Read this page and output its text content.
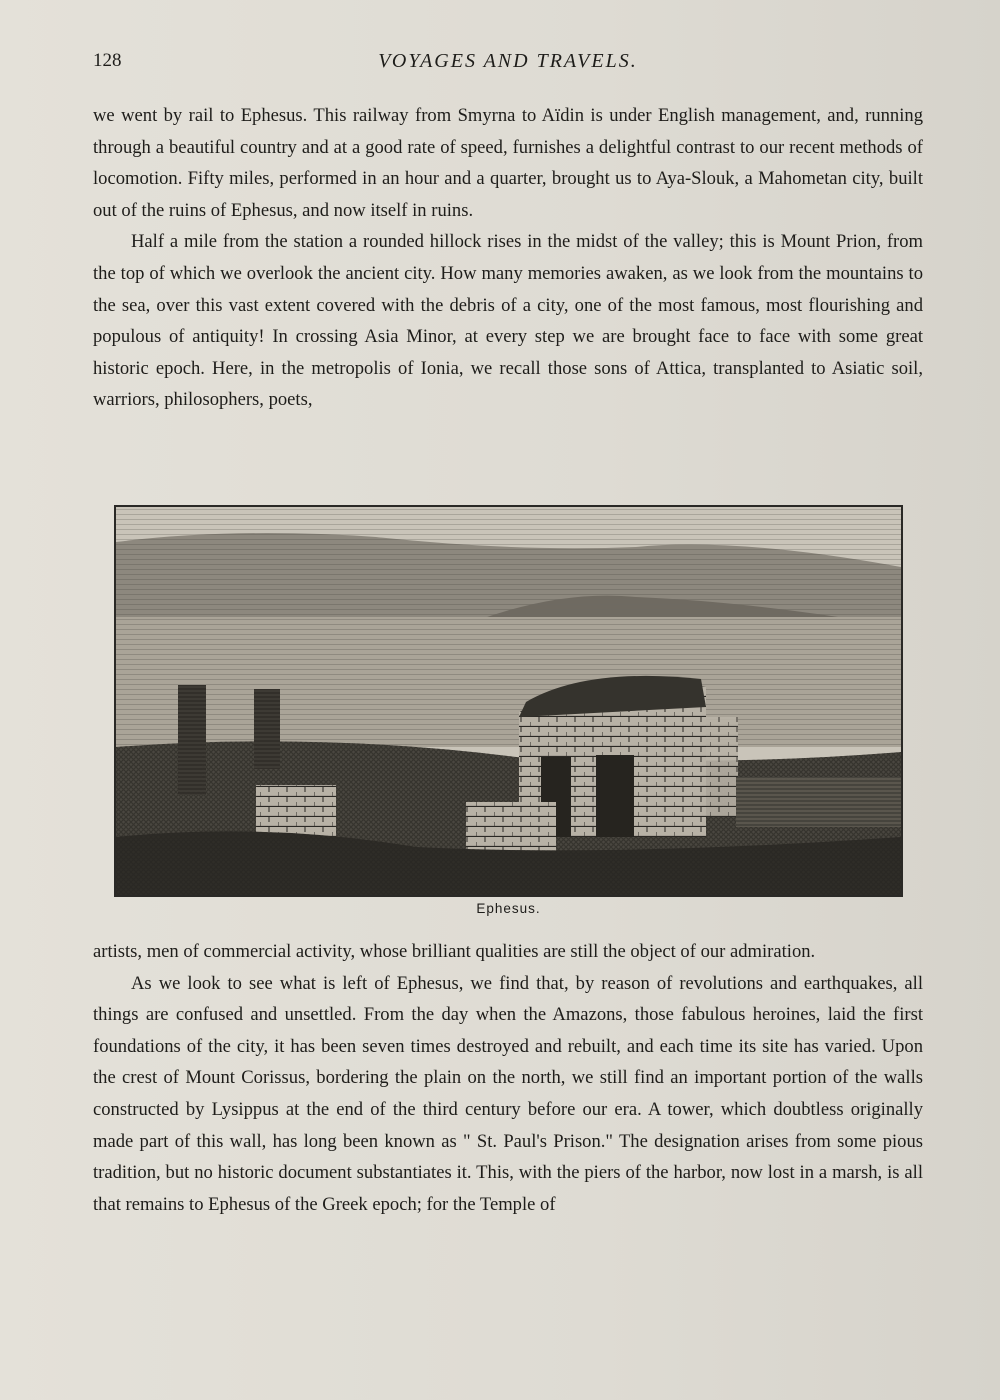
128	VOYAGES AND TRAVELS.

we went by rail to Ephesus. This railway from Smyrna to Aïdin is under English management, and, running through a beautiful country and at a good rate of speed, furnishes a delightful contrast to our recent methods of locomotion. Fifty miles, performed in an hour and a quarter, brought us to Aya-Slouk, a Mahometan city, built out of the ruins of Ephesus, and now itself in ruins.

Half a mile from the station a rounded hillock rises in the midst of the valley; this is Mount Prion, from the top of which we overlook the ancient city. How many memories awaken, as we look from the mountains to the sea, over this vast extent covered with the debris of a city, one of the most famous, most flourishing and populous of antiquity! In crossing Asia Minor, at every step we are brought face to face with some great historic epoch. Here, in the metropolis of Ionia, we recall those sons of Attica, transplanted to Asiatic soil, warriors, philosophers, poets,

Ephesus.

artists, men of commercial activity, whose brilliant qualities are still the object of our admiration.

As we look to see what is left of Ephesus, we find that, by reason of revolutions and earthquakes, all things are confused and unsettled. From the day when the Amazons, those fabulous heroines, laid the first foundations of the city, it has been seven times destroyed and rebuilt, and each time its site has varied. Upon the crest of Mount Corissus, bordering the plain on the north, we still find an important portion of the walls constructed by Lysippus at the end of the third century before our era. A tower, which doubtless originally made part of this wall, has long been known as " St. Paul's Prison." The designation arises from some pious tradition, but no historic document substantiates it. This, with the piers of the harbor, now lost in a marsh, is all that remains to Ephesus of the Greek epoch; for the Temple of
